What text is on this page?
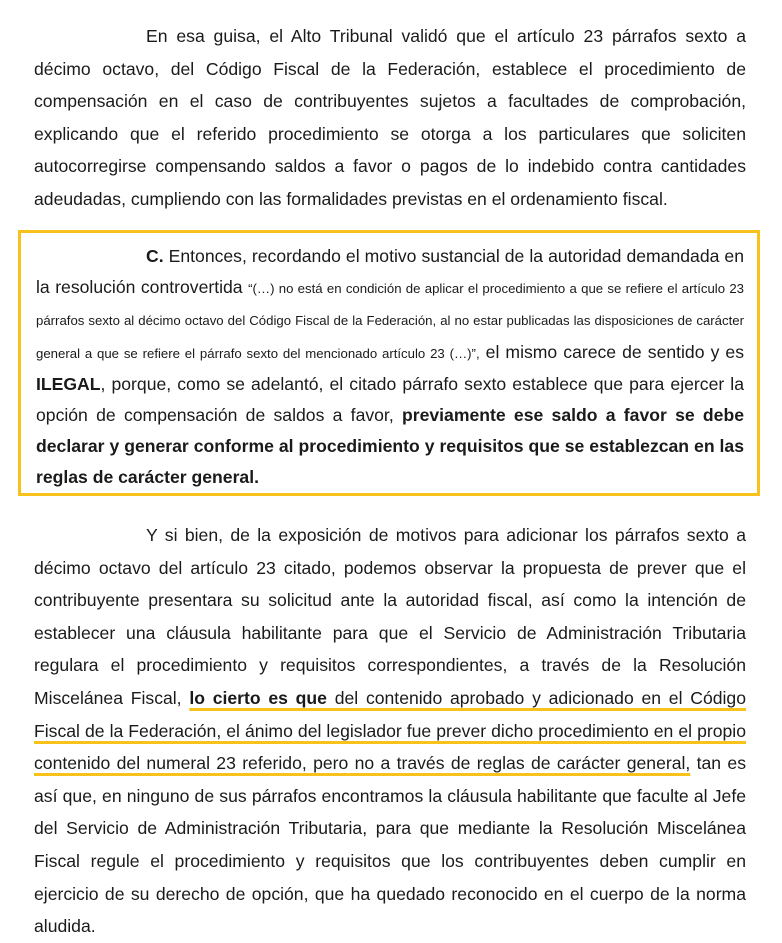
En esa guisa, el Alto Tribunal validó que el artículo 23 párrafos sexto a décimo octavo, del Código Fiscal de la Federación, establece el procedimiento de compensación en el caso de contribuyentes sujetos a facultades de comprobación, explicando que el referido procedimiento se otorga a los particulares que soliciten autocorregirse compensando saldos a favor o pagos de lo indebido contra cantidades adeudadas, cumpliendo con las formalidades previstas en el ordenamiento fiscal.

C. Entonces, recordando el motivo sustancial de la autoridad demandada en la resolución controvertida “(…) no está en condición de aplicar el procedimiento a que se refiere el artículo 23 párrafos sexto al décimo octavo del Código Fiscal de la Federación, al no estar publicadas las disposiciones de carácter general a que se refiere el párrafo sexto del mencionado artículo 23 (…)”, el mismo carece de sentido y es ILEGAL, porque, como se adelantó, el citado párrafo sexto establece que para ejercer la opción de compensación de saldos a favor, previamente ese saldo a favor se debe declarar y generar conforme al procedimiento y requisitos que se establezcan en las reglas de carácter general.

Y si bien, de la exposición de motivos para adicionar los párrafos sexto a décimo octavo del artículo 23 citado, podemos observar la propuesta de prever que el contribuyente presentara su solicitud ante la autoridad fiscal, así como la intención de establecer una cláusula habilitante para que el Servicio de Administración Tributaria regulara el procedimiento y requisitos correspondientes, a través de la Resolución Miscelánea Fiscal, lo cierto es que del contenido aprobado y adicionado en el Código Fiscal de la Federación, el ánimo del legislador fue prever dicho procedimiento en el propio contenido del numeral 23 referido, pero no a través de reglas de carácter general, tan es así que, en ninguno de sus párrafos encontramos la cláusula habilitante que faculte al Jefe del Servicio de Administración Tributaria, para que mediante la Resolución Miscelánea Fiscal regule el procedimiento y requisitos que los contribuyentes deben cumplir en ejercicio de su derecho de opción, que ha quedado reconocido en el cuerpo de la norma aludida.
